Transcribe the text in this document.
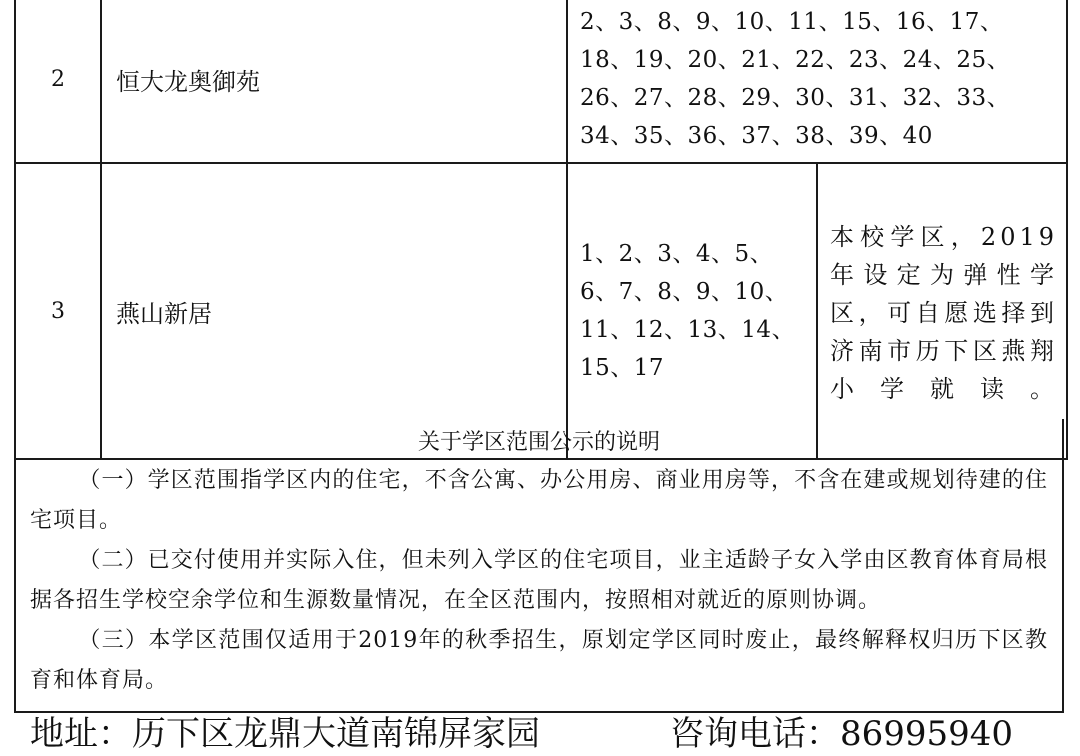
2	恒大龙奥御苑	2、3、8、9、10、11、15、16、17、18、19、20、21、22、23、24、25、26、27、28、29、30、31、32、33、34、35、36、37、38、39、40	
3	燕山新居	1、2、3、4、5、6、7、8、9、10、11、12、13、14、15、17	本校学区，2019年设定为弹性学区，可自愿选择到济南市历下区燕翔小学就读。
关于学区范围公示的说明
（一）学区范围指学区内的住宅，不含公寓、办公用房、商业用房等，不含在建或规划待建的住宅项目。
（二）已交付使用并实际入住，但未列入学区的住宅项目，业主适龄子女入学由区教育体育局根据各招生学校空余学位和生源数量情况，在全区范围内，按照相对就近的原则协调。
（三）本学区范围仅适用于2019年的秋季招生，原划定学区同时废止，最终解释权归历下区教育和体育局。
地址：历下区龙鼎大道南锦屏家园	咨询电话：86995940
